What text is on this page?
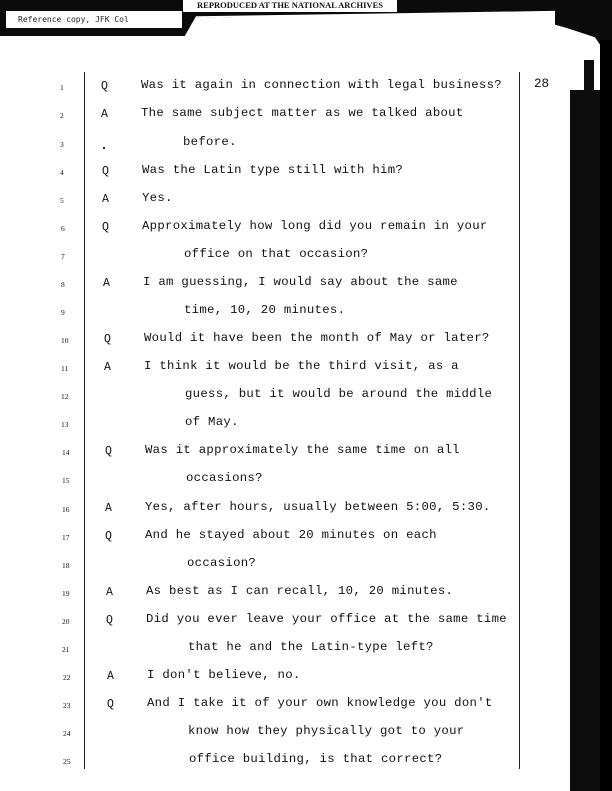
Reference copy, JFK Col
REPRODUCED AT THE NATIONAL ARCHIVES
— —— ——
28
1	Q	Was it again in connection with legal business?
2	A	The same subject matter as we talked about
3	before.
4	Q	Was the Latin type still with him?
5	A	Yes.
6	Q	Approximately how long did you remain in your
7	office on that occasion?
8	A	I am guessing, I would say about the same
9	time, 10, 20 minutes.
10	Q	Would it have been the month of May or later?
11	A	I think it would be the third visit, as a
12	guess, but it would be around the middle
13	of May.
14	Q	Was it approximately the same time on all
15	occasions?
16	A	Yes, after hours, usually between 5:00, 5:30.
17	Q	And he stayed about 20 minutes on each
18	occasion?
19	A	As best as I can recall, 10, 20 minutes.
20	Q	Did you ever leave your office at the same time
21	that he and the Latin-type left?
22	A	I don't believe, no.
23	Q	And I take it of your own knowledge you don't
24	know how they physically got to your
25	office building, is that correct?
